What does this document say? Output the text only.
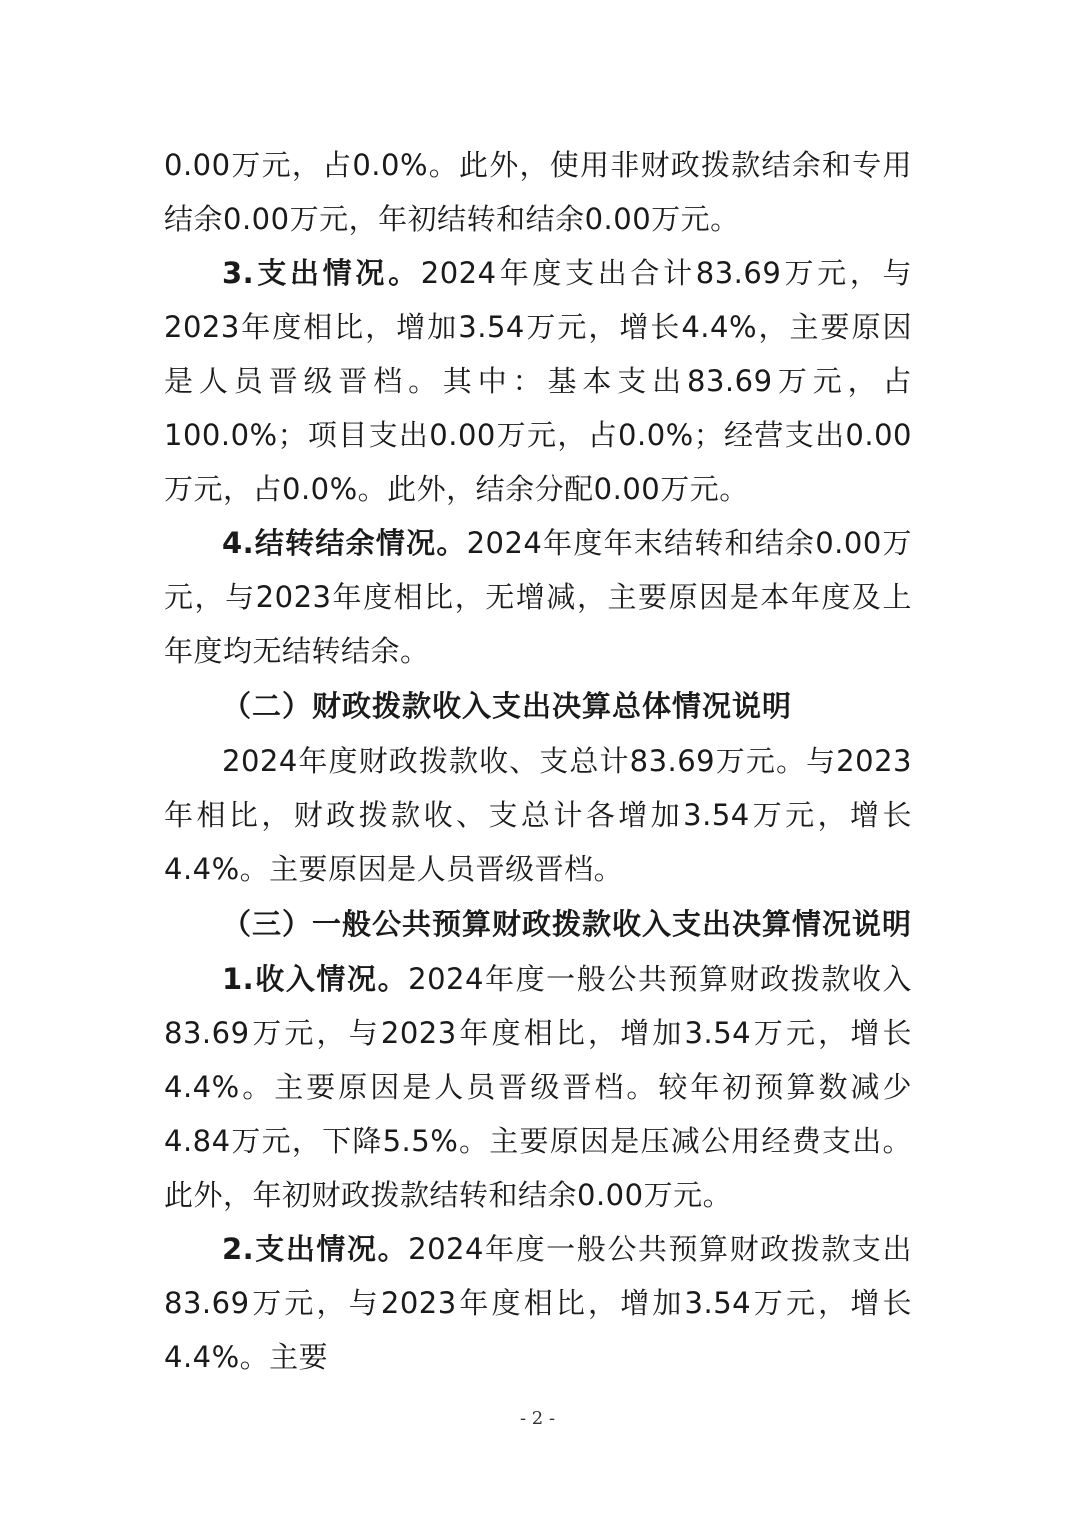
0.00万元，占0.0%。此外，使用非财政拨款结余和专用结余0.00万元，年初结转和结余0.00万元。

3.支出情况。2024年度支出合计83.69万元，与2023年度相比，增加3.54万元，增长4.4%，主要原因是人员晋级晋档。其中：基本支出83.69万元，占100.0%；项目支出0.00万元，占0.0%；经营支出0.00万元，占0.0%。此外，结余分配0.00万元。

4.结转结余情况。2024年度年末结转和结余0.00万元，与2023年度相比，无增减，主要原因是本年度及上年度均无结转结余。

（二）财政拨款收入支出决算总体情况说明

2024年度财政拨款收、支总计83.69万元。与2023年相比，财政拨款收、支总计各增加3.54万元，增长4.4%。主要原因是人员晋级晋档。

（三）一般公共预算财政拨款收入支出决算情况说明

1.收入情况。2024年度一般公共预算财政拨款收入83.69万元，与2023年度相比，增加3.54万元，增长4.4%。主要原因是人员晋级晋档。较年初预算数减少4.84万元，下降5.5%。主要原因是压减公用经费支出。此外，年初财政拨款结转和结余0.00万元。

2.支出情况。2024年度一般公共预算财政拨款支出83.69万元，与2023年度相比，增加3.54万元，增长4.4%。主要

- 2 -
